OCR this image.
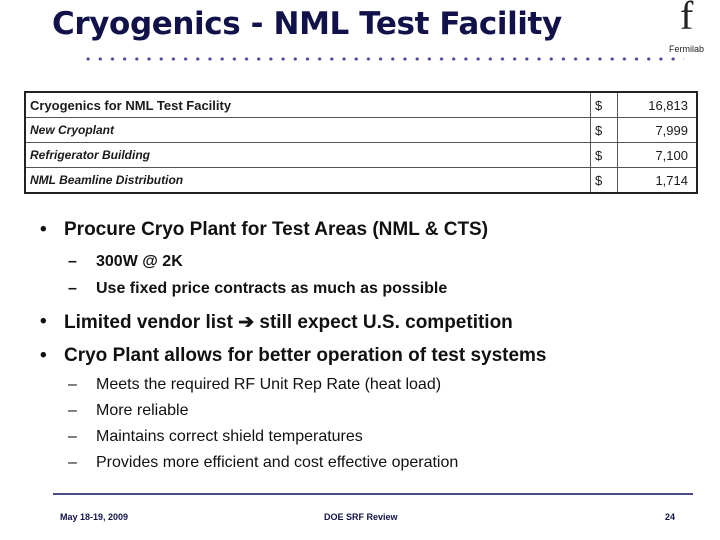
Cryogenics - NML Test Facility	f
Fermilab
Cryogenics for NML Test Facility	$	16,813
New Cryoplant	$	7,999
Refrigerator Building	$	7,100
NML Beamline Distribution	$	1,714
• Procure Cryo Plant for Test Areas (NML & CTS)
– 300W @ 2K
– Use fixed price contracts as much as possible
• Limited vendor list ➔ still expect U.S. competition
• Cryo Plant allows for better operation of test systems
– Meets the required RF Unit Rep Rate (heat load)
– More reliable
– Maintains correct shield temperatures
– Provides more efficient and cost effective operation
May 18-19, 2009	DOE SRF Review	24
